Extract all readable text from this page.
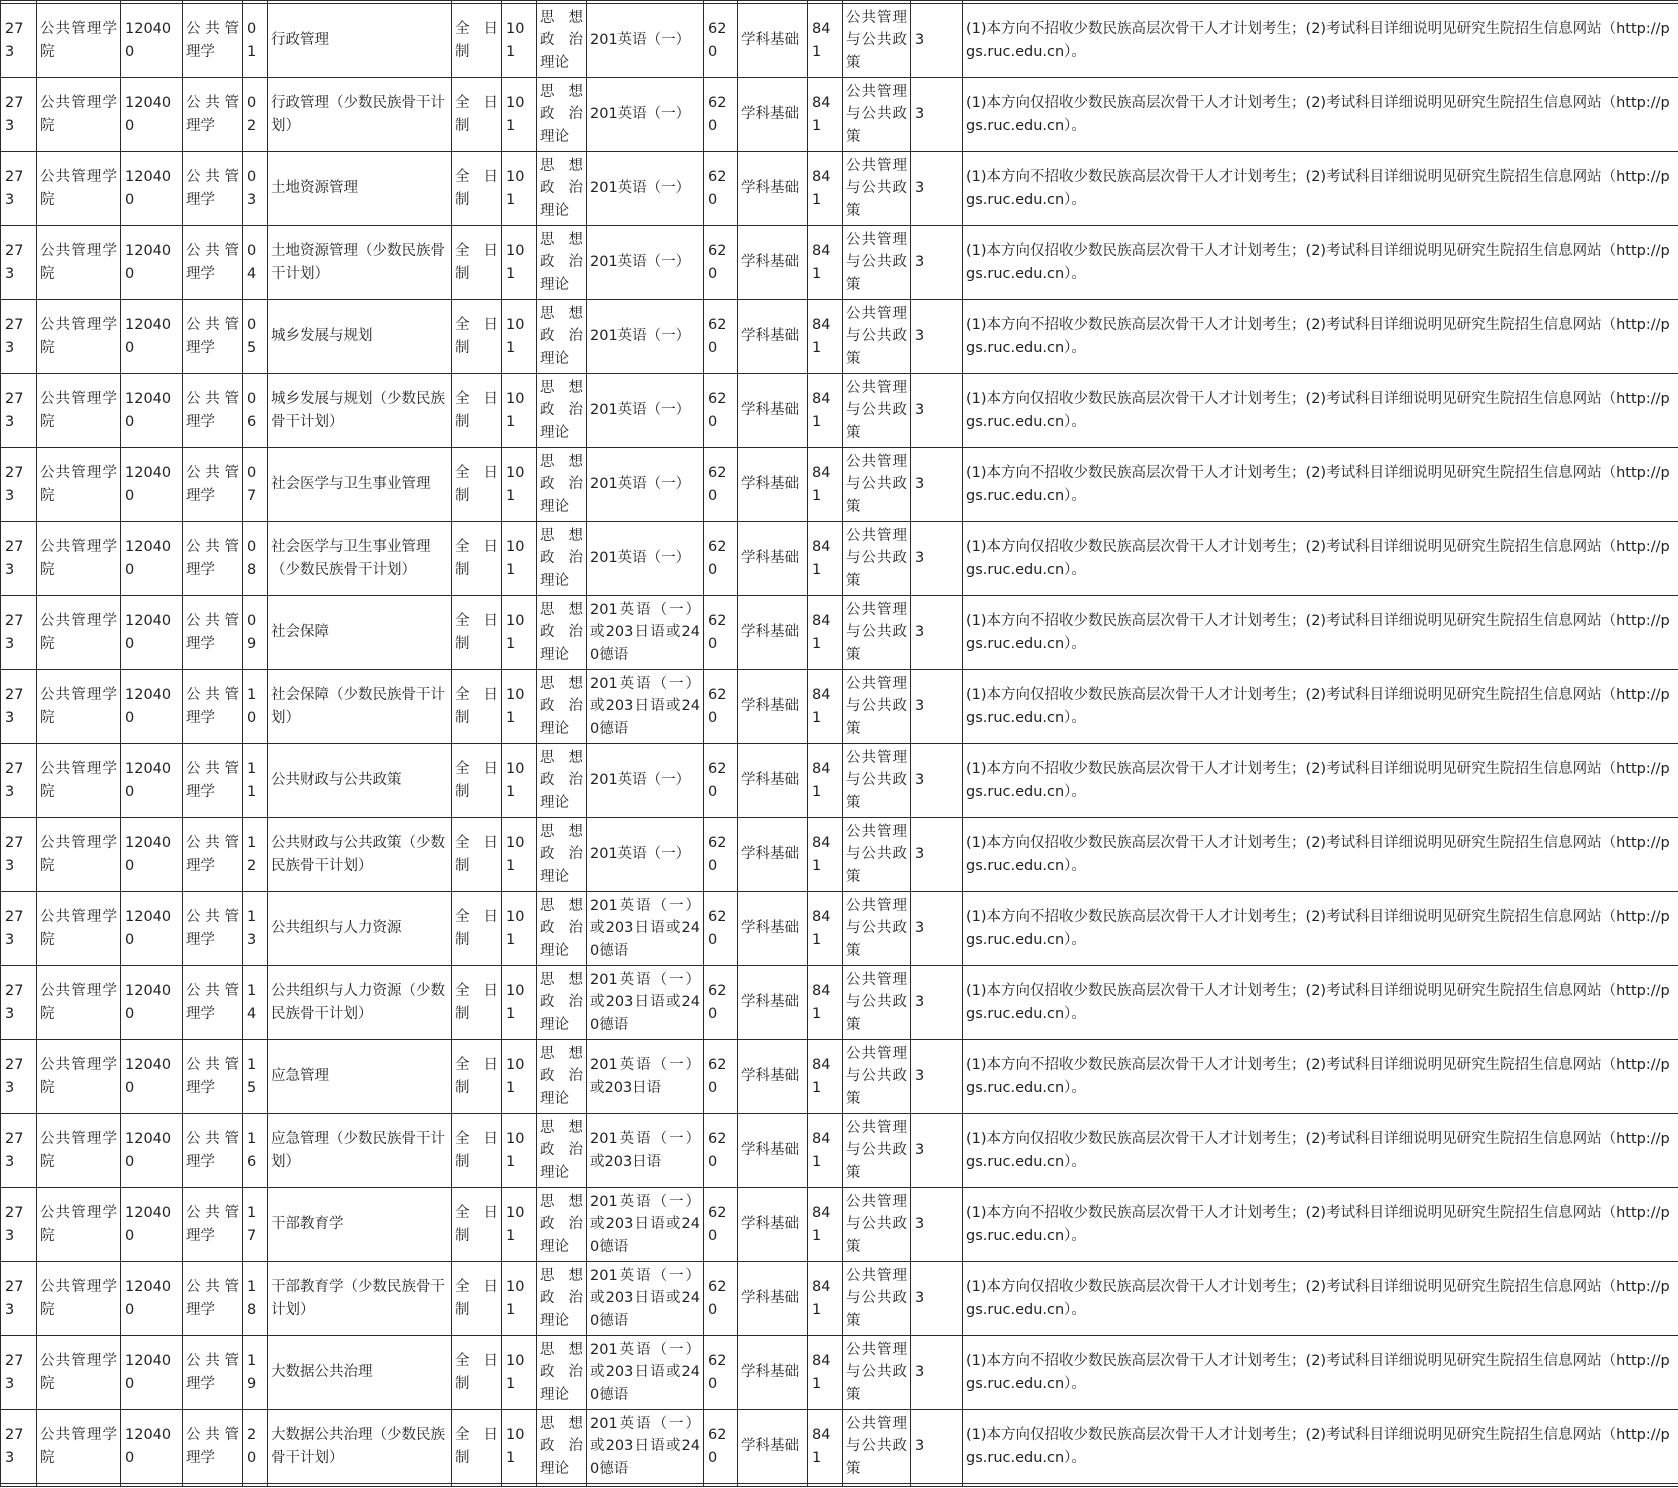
273	公共管理学院	120400	公共管理学	01	行政管理	全日制	101	思想政治理论	201英语（一）	620	学科基础	841	公共管理与公共政策	3	(1)本方向不招收少数民族高层次骨干人才计划考生；(2)考试科目详细说明见研究生院招生信息网站（http://pgs.ruc.edu.cn）。
273	公共管理学院	120400	公共管理学	02	行政管理（少数民族骨干计划）	全日制	101	思想政治理论	201英语（一）	620	学科基础	841	公共管理与公共政策	3	(1)本方向仅招收少数民族高层次骨干人才计划考生；(2)考试科目详细说明见研究生院招生信息网站（http://pgs.ruc.edu.cn）。
273	公共管理学院	120400	公共管理学	03	土地资源管理	全日制	101	思想政治理论	201英语（一）	620	学科基础	841	公共管理与公共政策	3	(1)本方向不招收少数民族高层次骨干人才计划考生；(2)考试科目详细说明见研究生院招生信息网站（http://pgs.ruc.edu.cn）。
273	公共管理学院	120400	公共管理学	04	土地资源管理（少数民族骨干计划）	全日制	101	思想政治理论	201英语（一）	620	学科基础	841	公共管理与公共政策	3	(1)本方向仅招收少数民族高层次骨干人才计划考生；(2)考试科目详细说明见研究生院招生信息网站（http://pgs.ruc.edu.cn）。
273	公共管理学院	120400	公共管理学	05	城乡发展与规划	全日制	101	思想政治理论	201英语（一）	620	学科基础	841	公共管理与公共政策	3	(1)本方向不招收少数民族高层次骨干人才计划考生；(2)考试科目详细说明见研究生院招生信息网站（http://pgs.ruc.edu.cn）。
273	公共管理学院	120400	公共管理学	06	城乡发展与规划（少数民族骨干计划）	全日制	101	思想政治理论	201英语（一）	620	学科基础	841	公共管理与公共政策	3	(1)本方向仅招收少数民族高层次骨干人才计划考生；(2)考试科目详细说明见研究生院招生信息网站（http://pgs.ruc.edu.cn）。
273	公共管理学院	120400	公共管理学	07	社会医学与卫生事业管理	全日制	101	思想政治理论	201英语（一）	620	学科基础	841	公共管理与公共政策	3	(1)本方向不招收少数民族高层次骨干人才计划考生；(2)考试科目详细说明见研究生院招生信息网站（http://pgs.ruc.edu.cn）。
273	公共管理学院	120400	公共管理学	08	社会医学与卫生事业管理（少数民族骨干计划）	全日制	101	思想政治理论	201英语（一）	620	学科基础	841	公共管理与公共政策	3	(1)本方向仅招收少数民族高层次骨干人才计划考生；(2)考试科目详细说明见研究生院招生信息网站（http://pgs.ruc.edu.cn）。
273	公共管理学院	120400	公共管理学	09	社会保障	全日制	101	思想政治理论	201英语（一）或203日语或240德语	620	学科基础	841	公共管理与公共政策	3	(1)本方向不招收少数民族高层次骨干人才计划考生；(2)考试科目详细说明见研究生院招生信息网站（http://pgs.ruc.edu.cn）。
273	公共管理学院	120400	公共管理学	10	社会保障（少数民族骨干计划）	全日制	101	思想政治理论	201英语（一）或203日语或240德语	620	学科基础	841	公共管理与公共政策	3	(1)本方向仅招收少数民族高层次骨干人才计划考生；(2)考试科目详细说明见研究生院招生信息网站（http://pgs.ruc.edu.cn）。
273	公共管理学院	120400	公共管理学	11	公共财政与公共政策	全日制	101	思想政治理论	201英语（一）	620	学科基础	841	公共管理与公共政策	3	(1)本方向不招收少数民族高层次骨干人才计划考生；(2)考试科目详细说明见研究生院招生信息网站（http://pgs.ruc.edu.cn）。
273	公共管理学院	120400	公共管理学	12	公共财政与公共政策（少数民族骨干计划）	全日制	101	思想政治理论	201英语（一）	620	学科基础	841	公共管理与公共政策	3	(1)本方向仅招收少数民族高层次骨干人才计划考生；(2)考试科目详细说明见研究生院招生信息网站（http://pgs.ruc.edu.cn）。
273	公共管理学院	120400	公共管理学	13	公共组织与人力资源	全日制	101	思想政治理论	201英语（一）或203日语或240德语	620	学科基础	841	公共管理与公共政策	3	(1)本方向不招收少数民族高层次骨干人才计划考生；(2)考试科目详细说明见研究生院招生信息网站（http://pgs.ruc.edu.cn）。
273	公共管理学院	120400	公共管理学	14	公共组织与人力资源（少数民族骨干计划）	全日制	101	思想政治理论	201英语（一）或203日语或240德语	620	学科基础	841	公共管理与公共政策	3	(1)本方向仅招收少数民族高层次骨干人才计划考生；(2)考试科目详细说明见研究生院招生信息网站（http://pgs.ruc.edu.cn）。
273	公共管理学院	120400	公共管理学	15	应急管理	全日制	101	思想政治理论	201英语（一）或203日语	620	学科基础	841	公共管理与公共政策	3	(1)本方向不招收少数民族高层次骨干人才计划考生；(2)考试科目详细说明见研究生院招生信息网站（http://pgs.ruc.edu.cn）。
273	公共管理学院	120400	公共管理学	16	应急管理（少数民族骨干计划）	全日制	101	思想政治理论	201英语（一）或203日语	620	学科基础	841	公共管理与公共政策	3	(1)本方向仅招收少数民族高层次骨干人才计划考生；(2)考试科目详细说明见研究生院招生信息网站（http://pgs.ruc.edu.cn）。
273	公共管理学院	120400	公共管理学	17	干部教育学	全日制	101	思想政治理论	201英语（一）或203日语或240德语	620	学科基础	841	公共管理与公共政策	3	(1)本方向不招收少数民族高层次骨干人才计划考生；(2)考试科目详细说明见研究生院招生信息网站（http://pgs.ruc.edu.cn）。
273	公共管理学院	120400	公共管理学	18	干部教育学（少数民族骨干计划）	全日制	101	思想政治理论	201英语（一）或203日语或240德语	620	学科基础	841	公共管理与公共政策	3	(1)本方向仅招收少数民族高层次骨干人才计划考生；(2)考试科目详细说明见研究生院招生信息网站（http://pgs.ruc.edu.cn）。
273	公共管理学院	120400	公共管理学	19	大数据公共治理	全日制	101	思想政治理论	201英语（一）或203日语或240德语	620	学科基础	841	公共管理与公共政策	3	(1)本方向不招收少数民族高层次骨干人才计划考生；(2)考试科目详细说明见研究生院招生信息网站（http://pgs.ruc.edu.cn）。
273	公共管理学院	120400	公共管理学	20	大数据公共治理（少数民族骨干计划）	全日制	101	思想政治理论	201英语（一）或203日语或240德语	620	学科基础	841	公共管理与公共政策	3	(1)本方向仅招收少数民族高层次骨干人才计划考生；(2)考试科目详细说明见研究生院招生信息网站（http://pgs.ruc.edu.cn）。
